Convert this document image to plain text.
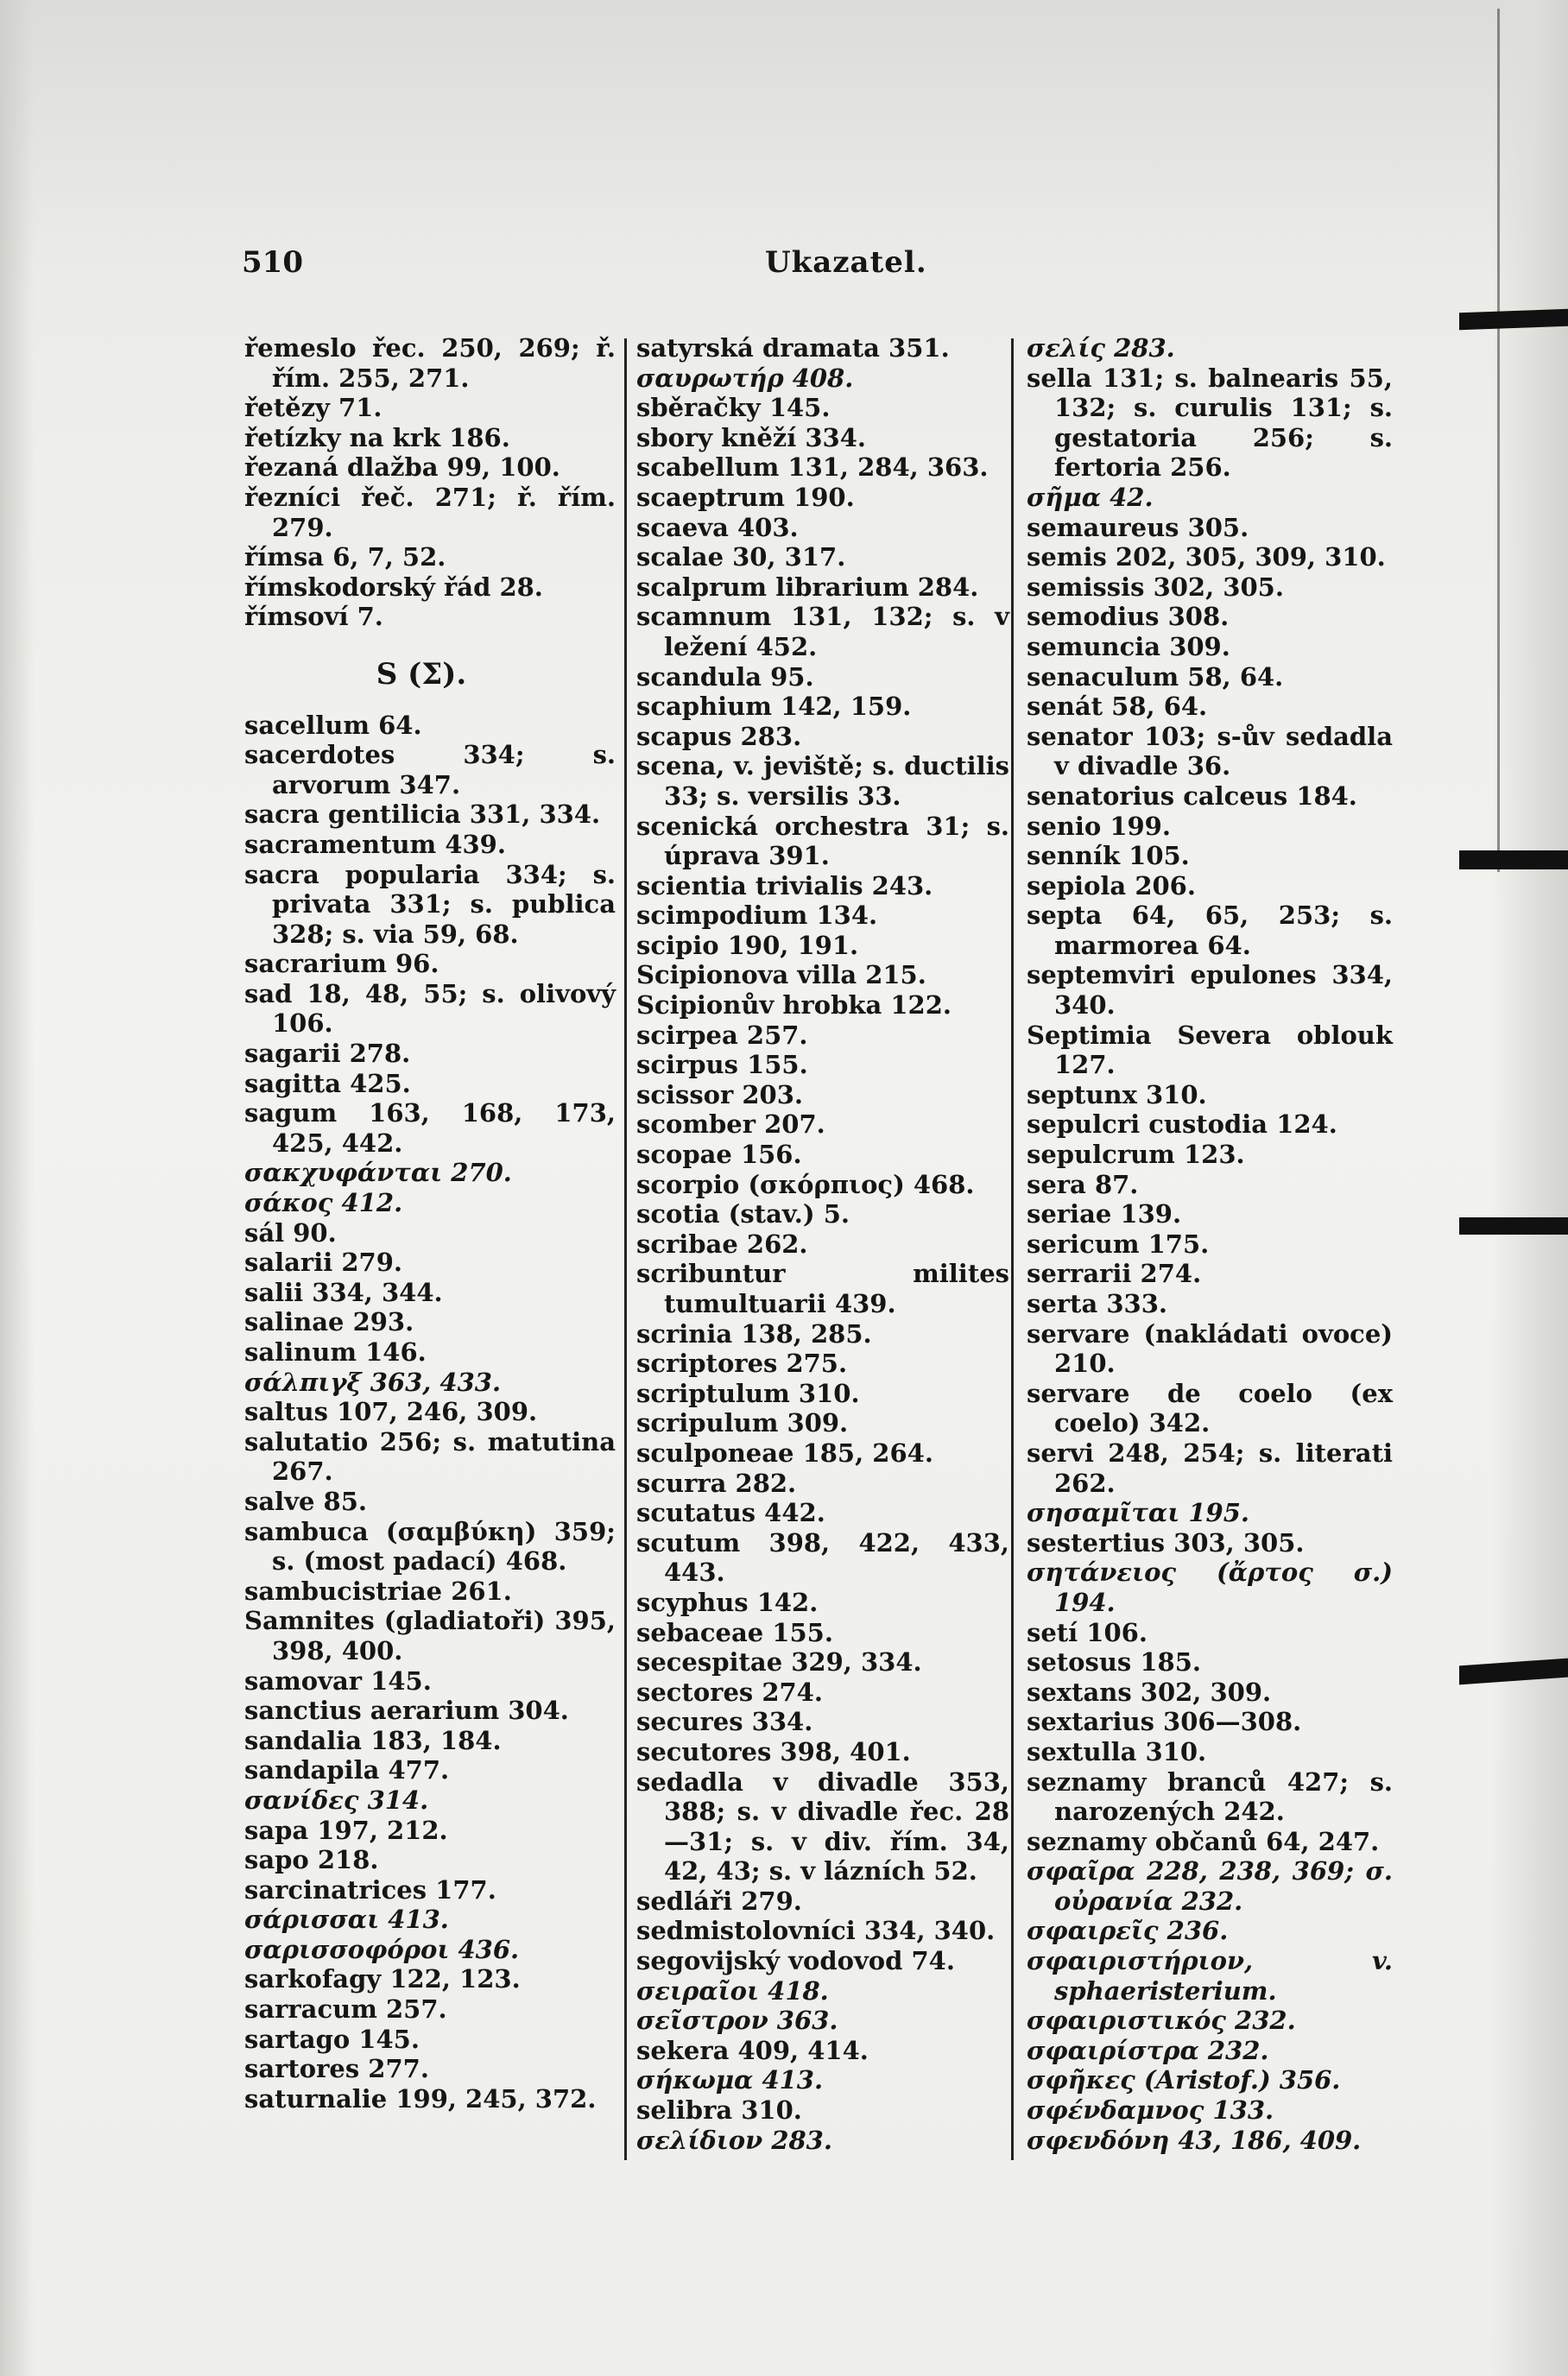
510	Ukazatel.
řemeslo řec. 250, 269; ř. řím. 255, 271.
řetězy 71.
řetízky na krk 186.
řezaná dlažba 99, 100.
řezníci řeč. 271; ř. řím. 279.
římsa 6, 7, 52.
římskodorský řád 28.
římsoví 7.
S (Σ).
sacellum 64.
sacerdotes 334; s. arvorum 347.
sacra gentilicia 331, 334.
sacramentum 439.
sacra popularia 334; s. privata 331; s. publica 328; s. via 59, 68.
sacrarium 96.
sad 18, 48, 55; s. olivový 106.
sagarii 278.
sagitta 425.
sagum 163, 168, 173, 425, 442.
σακχυφάνται 270.
σάκος 412.
sál 90.
salarii 279.
salii 334, 344.
salinae 293.
salinum 146.
σάλπιγξ 363, 433.
saltus 107, 246, 309.
salutatio 256; s. matutina 267.
salve 85.
sambuca (σαμβύκη) 359; s. (most padací) 468.
sambucistriae 261.
Samnites (gladiatoři) 395, 398, 400.
samovar 145.
sanctius aerarium 304.
sandalia 183, 184.
sandapila 477.
σανίδες 314.
sapa 197, 212.
sapo 218.
sarcinatrices 177.
σάρισσαι 413.
σαρισσοφόροι 436.
sarkofagy 122, 123.
sarracum 257.
sartago 145.
sartores 277.
saturnalie 199, 245, 372.
satyrská dramata 351.
σαυρωτήρ 408.
sběračky 145.
sbory kněží 334.
scabellum 131, 284, 363.
scaeptrum 190.
scaeva 403.
scalae 30, 317.
scalprum librarium 284.
scamnum 131, 132; s. v ležení 452.
scandula 95.
scaphium 142, 159.
scapus 283.
scena, v. jeviště; s. ductilis 33; s. versilis 33.
scenická orchestra 31; s. úprava 391.
scientia trivialis 243.
scimpodium 134.
scipio 190, 191.
Scipionova villa 215.
Scipionův hrobka 122.
scirpea 257.
scirpus 155.
scissor 203.
scomber 207.
scopae 156.
scorpio (σκόρπιος) 468.
scotia (stav.) 5.
scribae 262.
scribuntur milites tumultuarii 439.
scrinia 138, 285.
scriptores 275.
scriptulum 310.
scripulum 309.
sculponeae 185, 264.
scurra 282.
scutatus 442.
scutum 398, 422, 433, 443.
scyphus 142.
sebaceae 155.
secespitae 329, 334.
sectores 274.
secures 334.
secutores 398, 401.
sedadla v divadle 353, 388; s. v divadle řec. 28—31; s. v div. řím. 34, 42, 43; s. v lázních 52.
sedláři 279.
sedmistolovníci 334, 340.
segovijský vodovod 74.
σειραῖοι 418.
σεῖστρον 363.
sekera 409, 414.
σήκωμα 413.
selibra 310.
σελίδιον 283.
σελίς 283.
sella 131; s. balnearis 55, 132; s. curulis 131; s. gestatoria 256; s. fertoria 256.
σῆμα 42.
semaureus 305.
semis 202, 305, 309, 310.
semissis 302, 305.
semodius 308.
semuncia 309.
senaculum 58, 64.
senát 58, 64.
senator 103; s-ův sedadla v divadle 36.
senatorius calceus 184.
senio 199.
senník 105.
sepiola 206.
septa 64, 65, 253; s. marmorea 64.
septemviri epulones 334, 340.
Septimia Severa oblouk 127.
septunx 310.
sepulcri custodia 124.
sepulcrum 123.
sera 87.
seriae 139.
sericum 175.
serrarii 274.
serta 333.
servare (nakládati ovoce) 210.
servare de coelo (ex coelo) 342.
servi 248, 254; s. literati 262.
σησαμῖται 195.
sestertius 303, 305.
σητάνειος (ἄρτος σ.) 194.
setí 106.
setosus 185.
sextans 302, 309.
sextarius 306—308.
sextulla 310.
seznamy branců 427; s. narozených 242.
seznamy občanů 64, 247.
σφαῖρα 228, 238, 369; σ. οὐρανία 232.
σφαιρεῖς 236.
σφαιριστήριον, v. sphaeristerium.
σφαιριστικός 232.
σφαιρίστρα 232.
σφῆκες (Aristof.) 356.
σφένδαμνος 133.
σφενδόνη 43, 186, 409.
